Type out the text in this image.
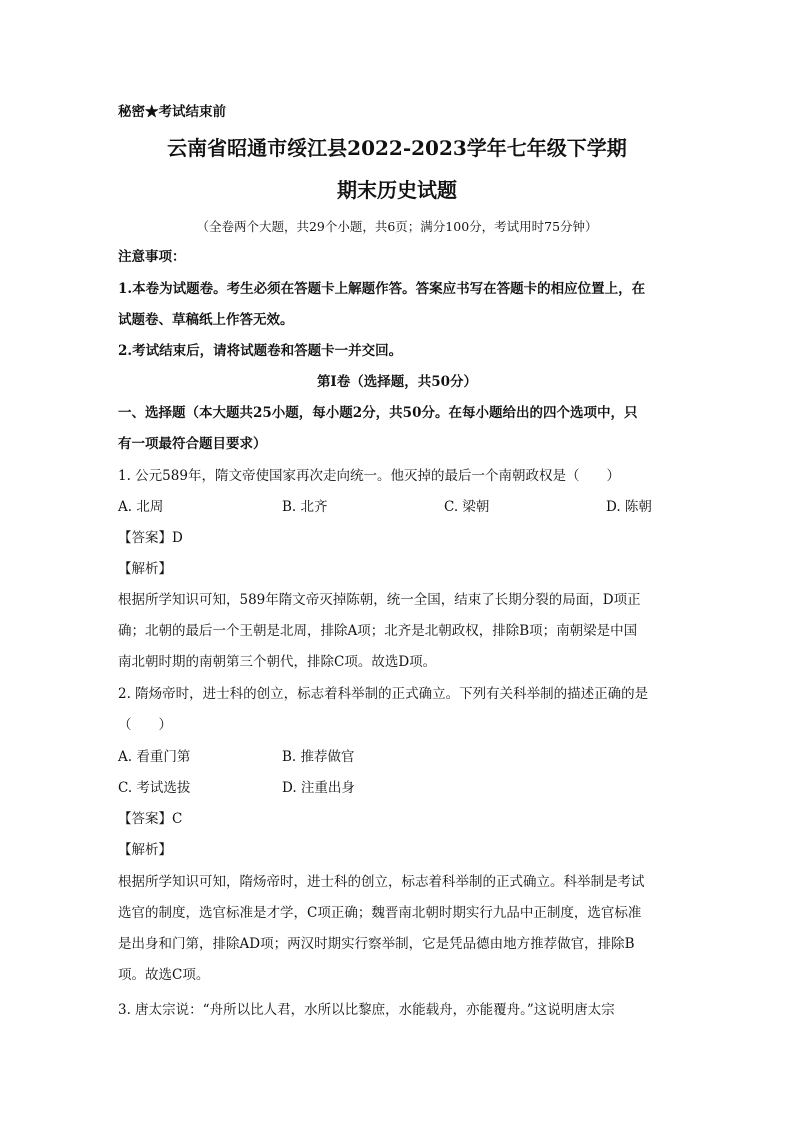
秘密★考试结束前
云南省昭通市绥江县2022-2023学年七年级下学期
期末历史试题
（全卷两个大题，共29个小题，共6页；满分100分，考试用时75分钟）
注意事项：
1.本卷为试题卷。考生必须在答题卡上解题作答。答案应书写在答题卡的相应位置上，在
试题卷、草稿纸上作答无效。
2.考试结束后，请将试题卷和答题卡一并交回。
第Ⅰ卷（选择题，共50分）
一、选择题（本大题共25小题，每小题2分，共50分。在每小题给出的四个选项中，只
有一项最符合题目要求）
1. 公元589年，隋文帝使国家再次走向统一。他灭掉的最后一个南朝政权是（　　）
A. 北周	B. 北齐	C. 梁朝	D. 陈朝
【答案】D
【解析】
根据所学知识可知，589年隋文帝灭掉陈朝，统一全国，结束了长期分裂的局面，D项正
确；北朝的最后一个王朝是北周，排除A项；北齐是北朝政权，排除B项；南朝梁是中国
南北朝时期的南朝第三个朝代，排除C项。故选D项。
2. 隋炀帝时，进士科的创立，标志着科举制的正式确立。下列有关科举制的描述正确的是
（　　）
A. 看重门第	B. 推荐做官
C. 考试选拔	D. 注重出身
【答案】C
【解析】
根据所学知识可知，隋炀帝时，进士科的创立，标志着科举制的正式确立。科举制是考试
选官的制度，选官标准是才学，C项正确；魏晋南北朝时期实行九品中正制度，选官标准
是出身和门第，排除AD项；两汉时期实行察举制，它是凭品德由地方推荐做官，排除B
项。故选C项。
3. 唐太宗说：“舟所以比人君，水所以比黎庶，水能载舟，亦能覆舟。”这说明唐太宗
